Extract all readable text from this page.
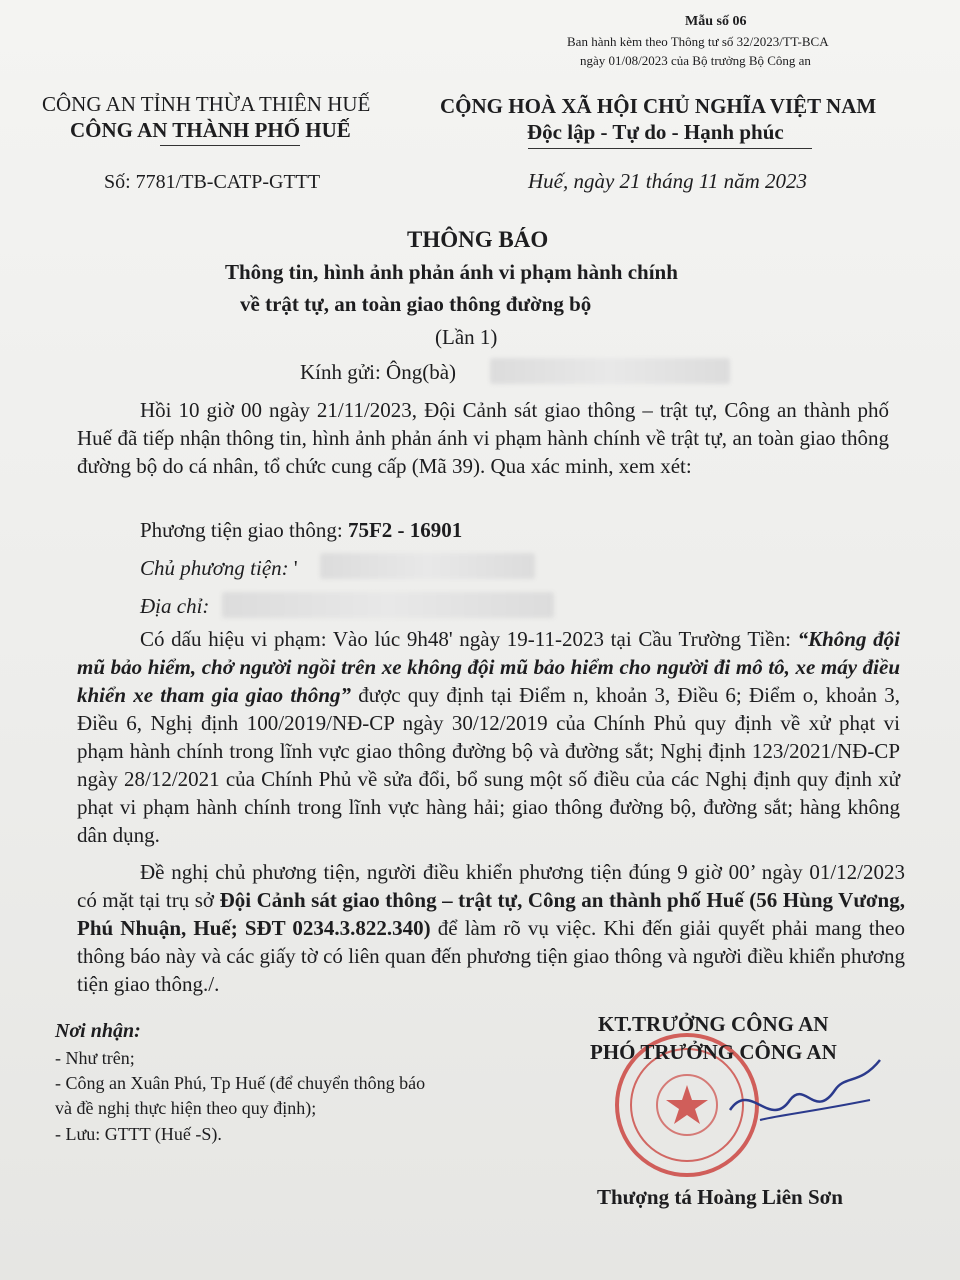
Mẫu số 06
Ban hành kèm theo Thông tư số 32/2023/TT-BCA
ngày 01/08/2023 của Bộ trưởng Bộ Công an
CÔNG AN TỈNH THỪA THIÊN HUẾ
CÔNG AN THÀNH PHỐ HUẾ
CỘNG HOÀ XÃ HỘI CHỦ NGHĨA VIỆT NAM
Độc lập - Tự do - Hạnh phúc
Số: 7781/TB-CATP-GTTT	Huế, ngày 21 tháng 11 năm 2023
THÔNG BÁO
Thông tin, hình ảnh phản ánh vi phạm hành chính
về trật tự, an toàn giao thông đường bộ
(Lần 1)
Kính gửi: Ông(bà)
Hồi 10 giờ 00 ngày 21/11/2023, Đội Cảnh sát giao thông – trật tự, Công an thành phố Huế đã tiếp nhận thông tin, hình ảnh phản ánh vi phạm hành chính về trật tự, an toàn giao thông đường bộ do cá nhân, tổ chức cung cấp (Mã 39). Qua xác minh, xem xét:
Phương tiện giao thông: 75F2 - 16901
Chủ phương tiện: '
Địa chỉ:
Có dấu hiệu vi phạm: Vào lúc 9h48' ngày 19-11-2023 tại Cầu Trường Tiền: “Không đội mũ bảo hiểm, chở người ngồi trên xe không đội mũ bảo hiểm cho người đi mô tô, xe máy điều khiển xe tham gia giao thông” được quy định tại Điểm n, khoản 3, Điều 6; Điểm o, khoản 3, Điều 6, Nghị định 100/2019/NĐ-CP ngày 30/12/2019 của Chính Phủ quy định về xử phạt vi phạm hành chính trong lĩnh vực giao thông đường bộ và đường sắt; Nghị định 123/2021/NĐ-CP ngày 28/12/2021 của Chính Phủ về sửa đổi, bổ sung một số điều của các Nghị định quy định xử phạt vi phạm hành chính trong lĩnh vực hàng hải; giao thông đường bộ, đường sắt; hàng không dân dụng.
Đề nghị chủ phương tiện, người điều khiển phương tiện đúng 9 giờ 00’ ngày 01/12/2023 có mặt tại trụ sở Đội Cảnh sát giao thông – trật tự, Công an thành phố Huế (56 Hùng Vương, Phú Nhuận, Huế; SĐT 0234.3.822.340) để làm rõ vụ việc. Khi đến giải quyết phải mang theo thông báo này và các giấy tờ có liên quan đến phương tiện giao thông và người điều khiển phương tiện giao thông./.
Nơi nhận:
- Như trên;
- Công an Xuân Phú, Tp Huế (để chuyển thông báo
và đề nghị thực hiện theo quy định);
- Lưu: GTTT (Huế -S).
KT.TRƯỞNG CÔNG AN
PHÓ TRƯỞNG CÔNG AN
Thượng tá Hoàng Liên Sơn
